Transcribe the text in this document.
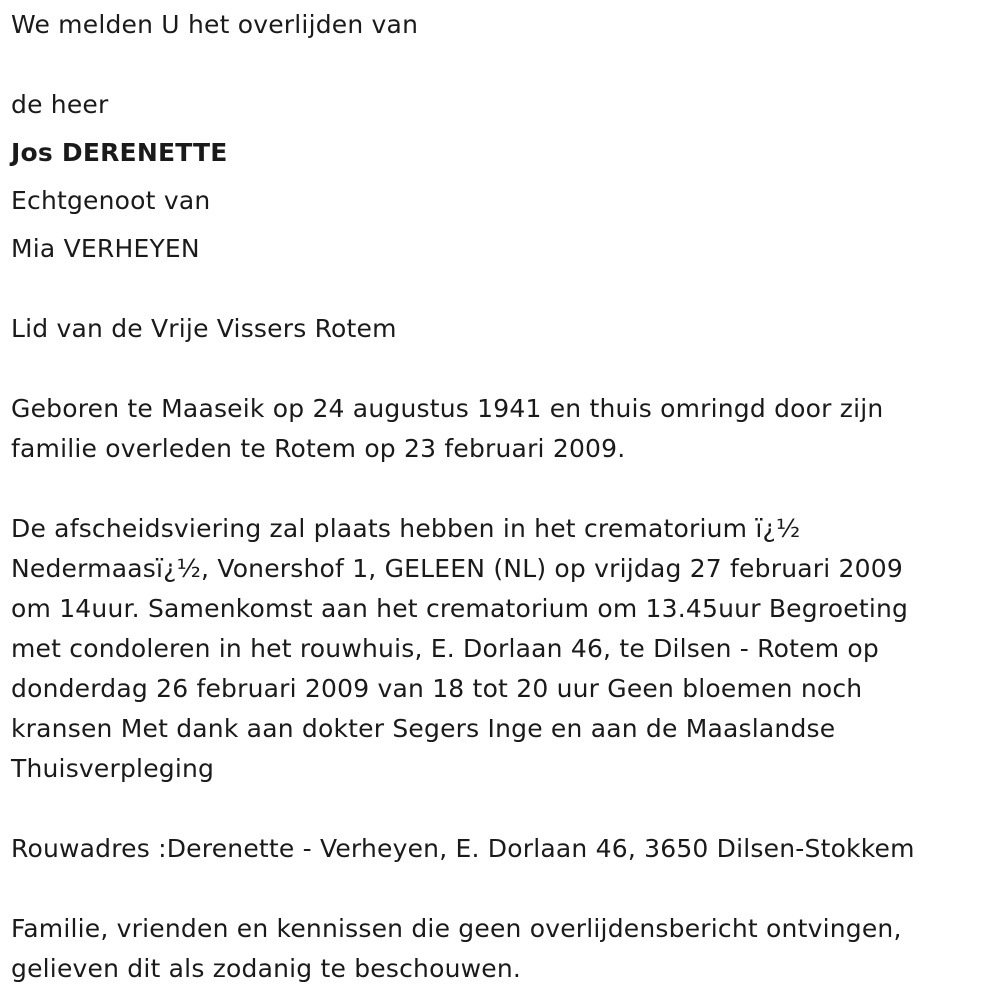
We melden U het overlijden van
de heer
Jos DERENETTE
Echtgenoot van
Mia VERHEYEN
Lid van de Vrije Vissers Rotem
Geboren te Maaseik op 24 augustus 1941 en thuis omringd door zijn
familie overleden te Rotem op 23 februari 2009.
De afscheidsviering zal plaats hebben in het crematorium ï¿½
Nedermaasï¿½, Vonershof 1, GELEEN (NL) op vrijdag 27 februari 2009
om 14uur. Samenkomst aan het crematorium om 13.45uur Begroeting
met condoleren in het rouwhuis, E. Dorlaan 46, te Dilsen - Rotem op
donderdag 26 februari 2009 van 18 tot 20 uur Geen bloemen noch
kransen Met dank aan dokter Segers Inge en aan de Maaslandse
Thuisverpleging
Rouwadres :Derenette - Verheyen, E. Dorlaan 46, 3650 Dilsen-Stokkem
Familie, vrienden en kennissen die geen overlijdensbericht ontvingen,
gelieven dit als zodanig te beschouwen.
